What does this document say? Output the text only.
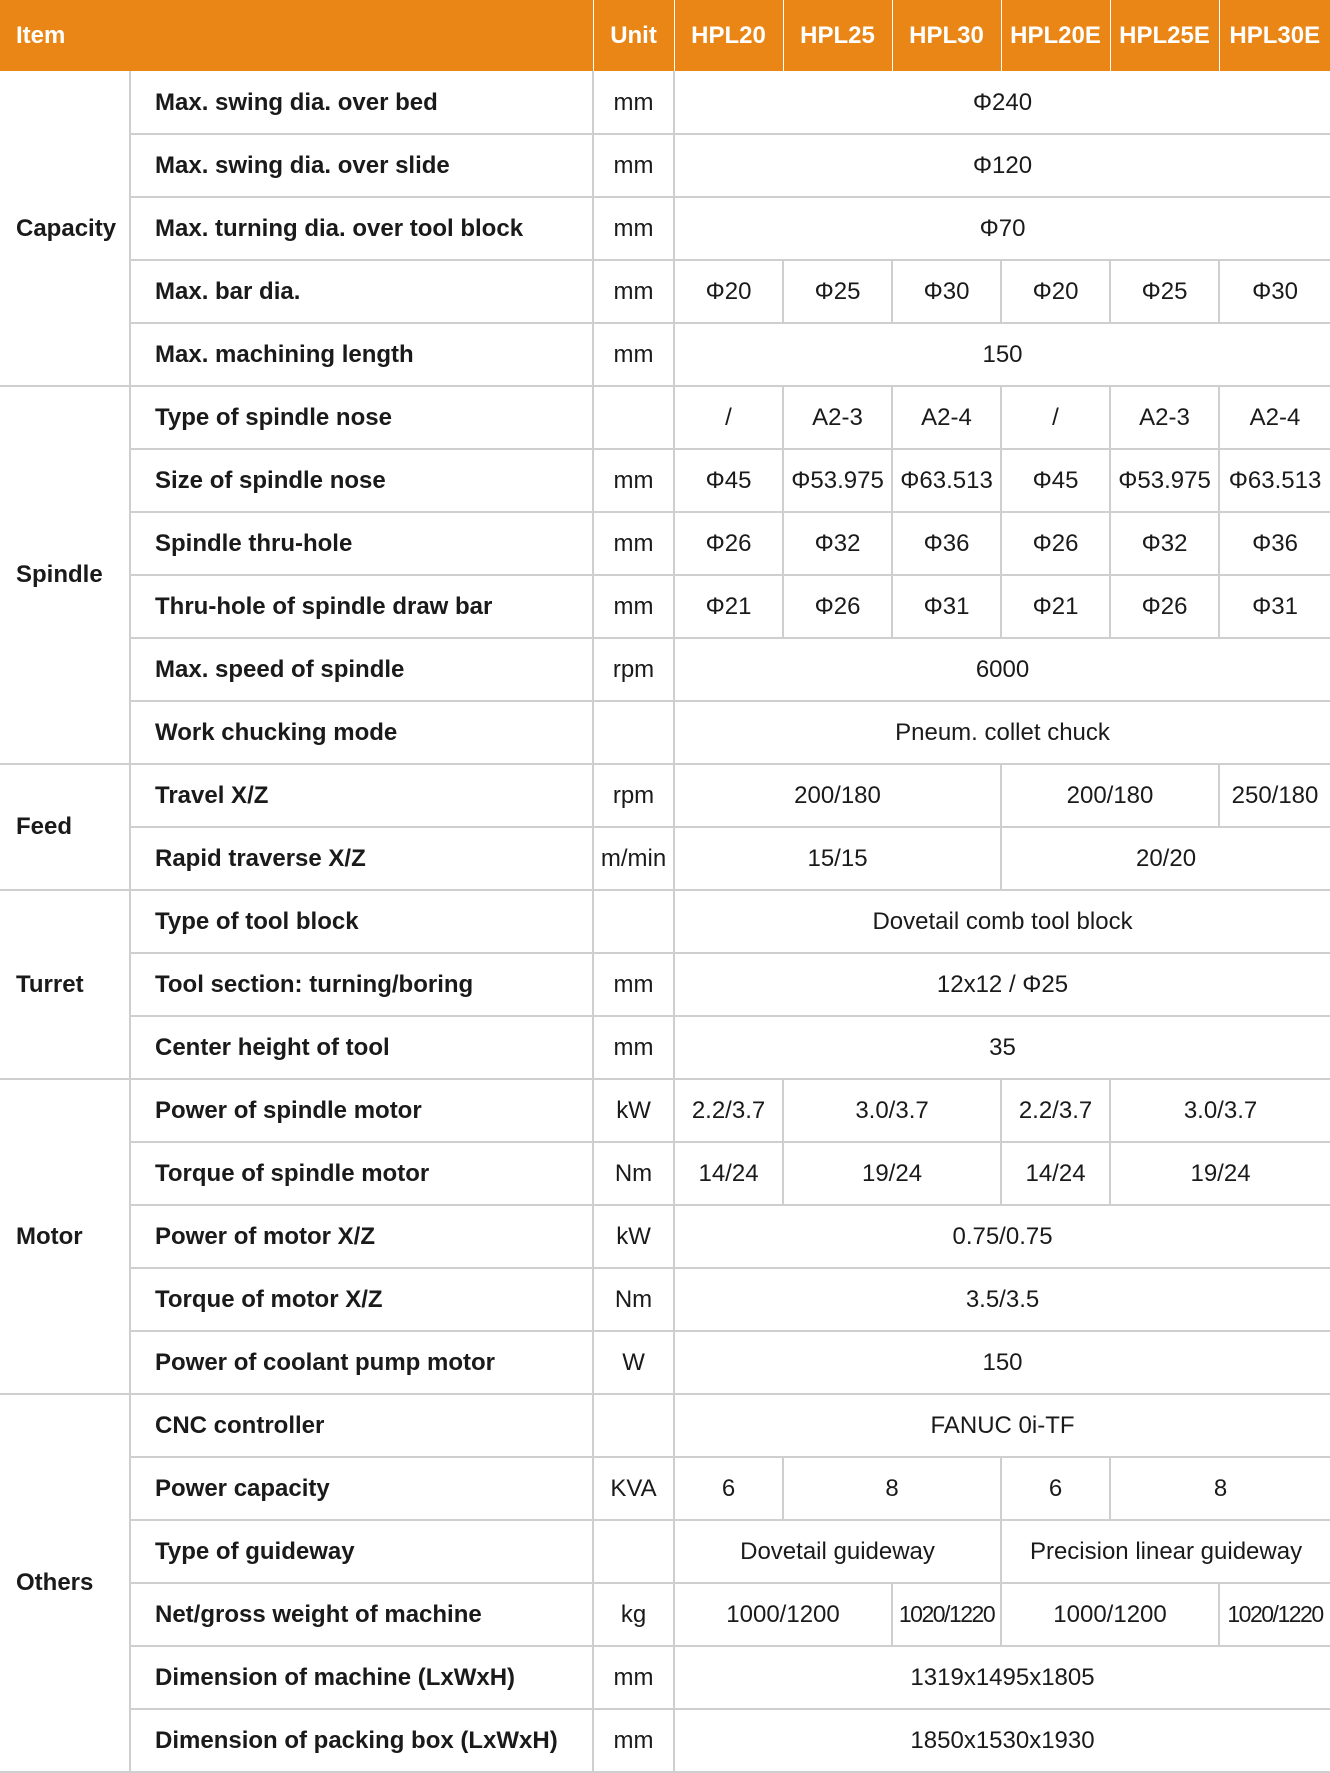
Item		Unit	HPL20	HPL25	HPL30	HPL20E	HPL25E	HPL30E
Capacity	Max. swing dia. over bed	mm	Φ240					
	Max. swing dia. over slide	mm	Φ120					
	Max. turning dia. over tool block	mm	Φ70					
	Max. bar dia.	mm	Φ20	Φ25	Φ30	Φ20	Φ25	Φ30
	Max. machining length	mm	150					
Spindle	Type of spindle nose		/	A2-3	A2-4	/	A2-3	A2-4
	Size of spindle nose	mm	Φ45	Φ53.975	Φ63.513	Φ45	Φ53.975	Φ63.513
	Spindle thru-hole	mm	Φ26	Φ32	Φ36	Φ26	Φ32	Φ36
	Thru-hole of spindle draw bar	mm	Φ21	Φ26	Φ31	Φ21	Φ26	Φ31
	Max. speed of spindle	rpm	6000					
	Work chucking mode		Pneum. collet chuck					
Feed	Travel X/Z	rpm	200/180			200/180		250/180
	Rapid traverse X/Z	m/min	15/15			20/20		
Turret	Type of tool block		Dovetail comb tool block					
	Tool section: turning/boring	mm	12x12 / Φ25					
	Center height of tool	mm	35					
Motor	Power of spindle motor	kW	2.2/3.7	3.0/3.7		2.2/3.7	3.0/3.7	
	Torque of spindle motor	Nm	14/24	19/24		14/24	19/24	
	Power of motor X/Z	kW	0.75/0.75					
	Torque of motor X/Z	Nm	3.5/3.5					
	Power of coolant pump motor	W	150					
Others	CNC controller		FANUC 0i-TF					
	Power capacity	KVA	6	8		6	8	
	Type of guideway		Dovetail guideway			Precision linear guideway		
	Net/gross weight of machine	kg	1000/1200		1020/1220	1000/1200		1020/1220
	Dimension of machine (LxWxH)	mm	1319x1495x1805					
	Dimension of packing box (LxWxH)	mm	1850x1530x1930					
